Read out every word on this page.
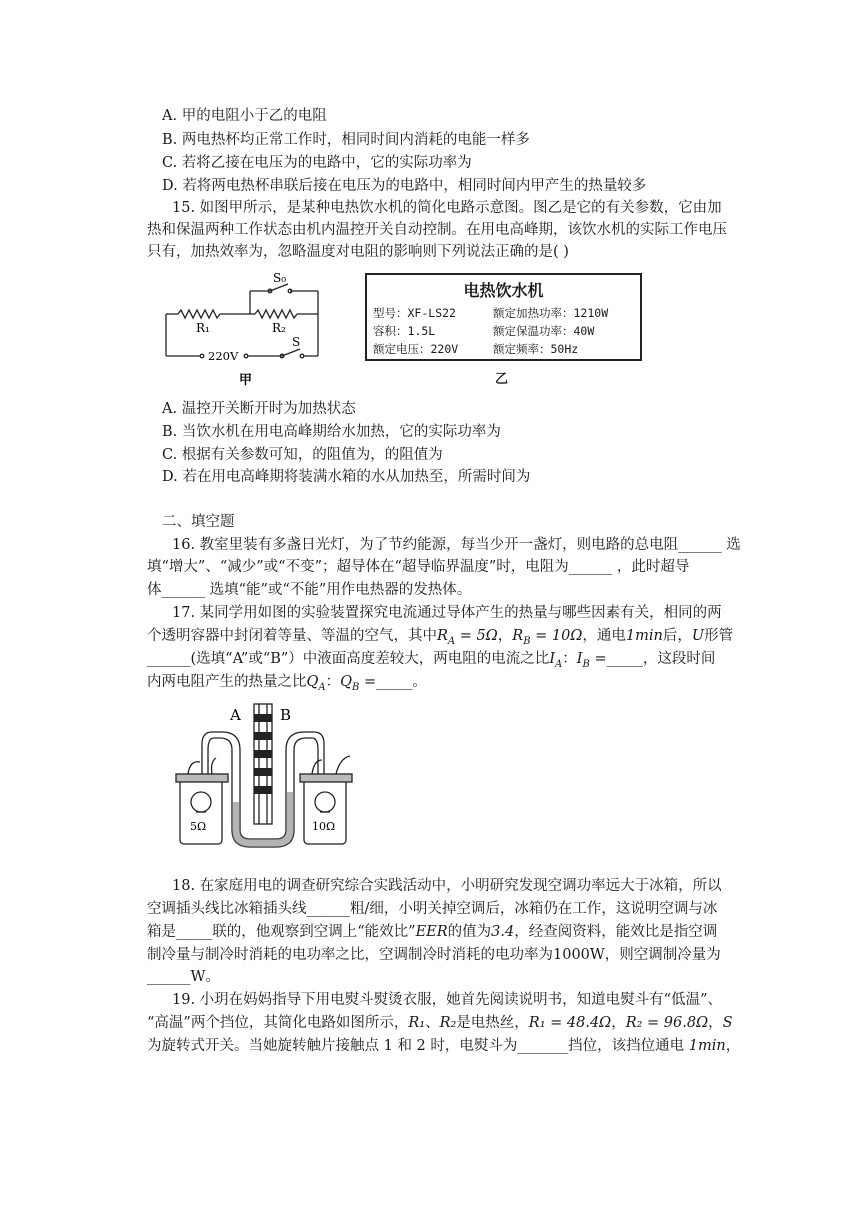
A. 甲的电阻小于乙的电阻
B. 两电热杯均正常工作时，相同时间内消耗的电能一样多
C. 若将乙接在电压为的电路中，它的实际功率为
D. 若将两电热杯串联后接在电压为的电路中，相同时间内甲产生的热量较多
15. 如图甲所示，是某种电热饮水机的简化电路示意图。图乙是它的有关参数，它由加
热和保温两种工作状态由机内温控开关自动控制。在用电高峰期，该饮水机的实际工作电压
只有，加热效率为，忽略温度对电阻的影响则下列说法正确的是( )
S₀
R₁	R₂
S
220V
甲
电热饮水机
型号：XF-LS22	额定加热功率：1210W
容积：1.5L	额定保温功率：40W
额定电压：220V	额定频率：50Hz
乙
A. 温控开关断开时为加热状态
B. 当饮水机在用电高峰期给水加热，它的实际功率为
C. 根据有关参数可知，的阻值为，的阻值为
D. 若在用电高峰期将装满水箱的水从加热至，所需时间为
二、填空题
16. 教室里装有多盏日光灯，为了节约能源，每当少开一盏灯，则电路的总电阻______ 选
填“增大”、“减少”或“不变”；超导体在“超导临界温度”时，电阻为______ ，此时超导
体______ 选填“能”或“不能”用作电热器的发热体。
17. 某同学用如图的实验装置探究电流通过导体产生的热量与哪些因素有关，相同的两
个透明容器中封闭着等量、等温的空气，其中$R_A = 5\Omega$，$R_B = 10\Omega$，通电1min后，U形管
______(选填“A”或“B”）中液面高度差较大，两电阻的电流之比$I_A$：$I_B$ =_____，这段时间
内两电阻产生的热量之比$Q_A$：$Q_B$ =_____。
A	B
5Ω	10Ω
18. 在家庭用电的调查研究综合实践活动中，小明研究发现空调功率远大于冰箱，所以
空调插头线比冰箱插头线______粗/细，小明关掉空调后，冰箱仍在工作，这说明空调与冰
箱是_____联的，他观察到空调上“能效比”EER的值为3.4，经查阅资料，能效比是指空调
制冷量与制冷时消耗的电功率之比，空调制冷时消耗的电功率为1000W，则空调制冷量为
______W。
19. 小玥在妈妈指导下用电熨斗熨烫衣服，她首先阅读说明书，知道电熨斗有“低温”、
“高温”两个挡位，其简化电路如图所示，R₁、R₂是电热丝，R₁ = 48.4Ω，R₂ = 96.8Ω，S
为旋转式开关。当她旋转触片接触点 1 和 2 时，电熨斗为_______挡位，该挡位通电 1min，
